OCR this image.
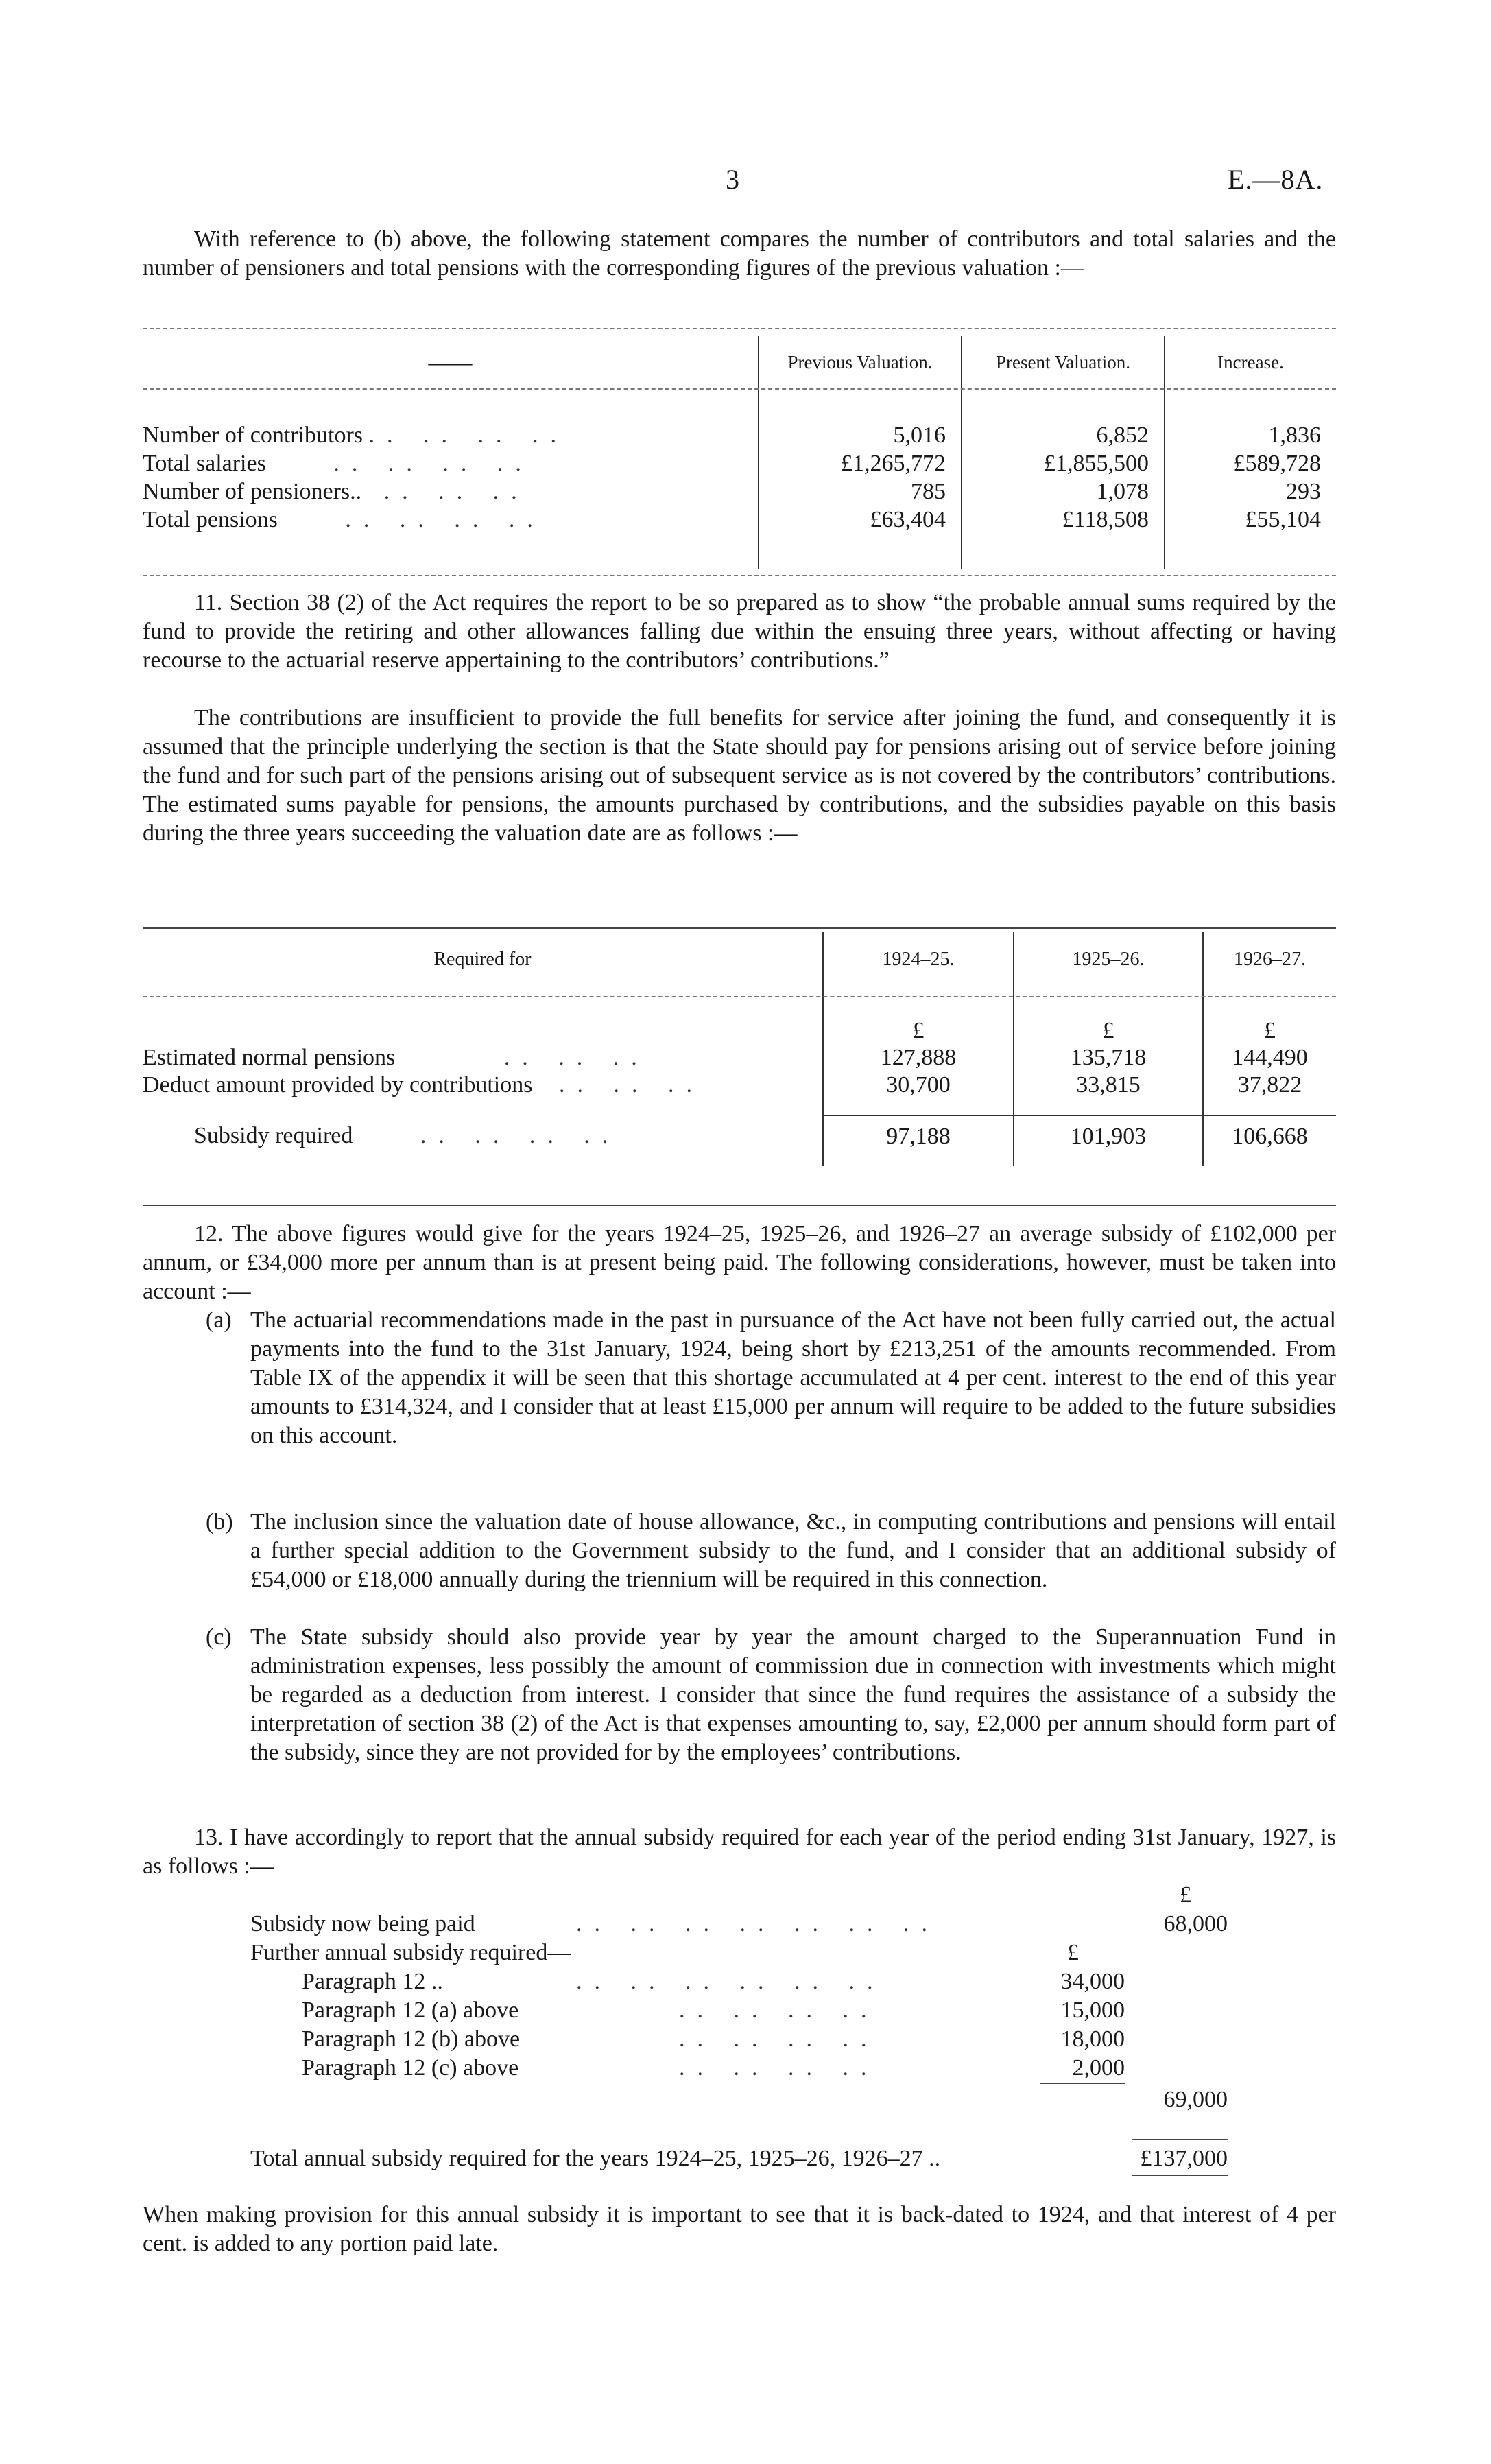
3	E.—8A.

With reference to (b) above, the following statement compares the number of contributors and total salaries and the number of pensioners and total pensions with the corresponding figures of the previous valuation :—

——	Previous Valuation.	Present Valuation.	Increase.

Number of contributors .. .. .. ..	5,016	6,852	1,836
Total salaries .. .. .. ..	£1,265,772	£1,855,500	£589,728
Number of pensioners.. .. .. ..	785	1,078	293
Total pensions .. .. .. ..	£63,404	£118,508	£55,104

11. Section 38 (2) of the Act requires the report to be so prepared as to show “the probable annual sums required by the fund to provide the retiring and other allowances falling due within the ensuing three years, without affecting or having recourse to the actuarial reserve appertaining to the contributors’ contributions.”

The contributions are insufficient to provide the full benefits for service after joining the fund, and consequently it is assumed that the principle underlying the section is that the State should pay for pensions arising out of service before joining the fund and for such part of the pensions arising out of subsequent service as is not covered by the contributors’ contributions. The estimated sums payable for pensions, the amounts purchased by contributions, and the subsidies payable on this basis during the three years succeeding the valuation date are as follows :—

Required for	1924–25.	1925–26.	1926–27.

	£	£	£
Estimated normal pensions .. .. ..	127,888	135,718	144,490
Deduct amount provided by contributions .. .. ..	30,700	33,815	37,822

Subsidy required .. .. .. ..	97,188	101,903	106,668

12. The above figures would give for the years 1924–25, 1925–26, and 1926–27 an average subsidy of £102,000 per annum, or £34,000 more per annum than is at present being paid. The following considerations, however, must be taken into account :—

(a) The actuarial recommendations made in the past in pursuance of the Act have not been fully carried out, the actual payments into the fund to the 31st January, 1924, being short by £213,251 of the amounts recommended. From Table IX of the appendix it will be seen that this shortage accumulated at 4 per cent. interest to the end of this year amounts to £314,324, and I consider that at least £15,000 per annum will require to be added to the future subsidies on this account.

(b) The inclusion since the valuation date of house allowance, &c., in computing contributions and pensions will entail a further special addition to the Government subsidy to the fund, and I consider that an additional subsidy of £54,000 or £18,000 annually during the triennium will be required in this connection.

(c) The State subsidy should also provide year by year the amount charged to the Superannuation Fund in administration expenses, less possibly the amount of commission due in connection with investments which might be regarded as a deduction from interest. I consider that since the fund requires the assistance of a subsidy the interpretation of section 38 (2) of the Act is that expenses amounting to, say, £2,000 per annum should form part of the subsidy, since they are not provided for by the employees’ contributions.

13. I have accordingly to report that the annual subsidy required for each year of the period ending 31st January, 1927, is as follows :—

£
Subsidy now being paid	.. .. .. .. .. .. ..	68,000
Further annual subsidy required—	£
Paragraph 12 ..	.. .. .. .. .. ..	34,000
Paragraph 12 (a) above	.. .. .. ..	15,000
Paragraph 12 (b) above	.. .. .. ..	18,000
Paragraph 12 (c) above	.. .. .. ..	2,000
69,000
Total annual subsidy required for the years 1924–25, 1925–26, 1926–27 ..	£137,000

When making provision for this annual subsidy it is important to see that it is back-dated to 1924, and that interest of 4 per cent. is added to any portion paid late.
